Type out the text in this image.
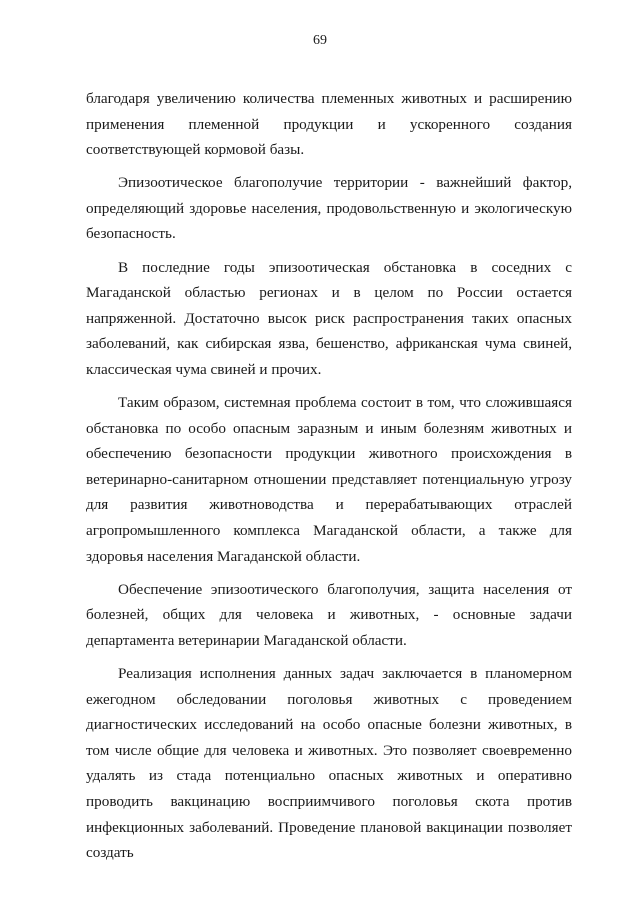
69

благодаря увеличению количества племенных животных и расширению применения племенной продукции и ускоренного создания соответствующей кормовой базы.

Эпизоотическое благополучие территории - важнейший фактор, определяющий здоровье населения, продовольственную и экологическую безопасность.

В последние годы эпизоотическая обстановка в соседних с Магаданской областью регионах и в целом по России остается напряженной. Достаточно высок риск распространения таких опасных заболеваний, как сибирская язва, бешенство, африканская чума свиней, классическая чума свиней и прочих.

Таким образом, системная проблема состоит в том, что сложившаяся обстановка по особо опасным заразным и иным болезням животных и обеспечению безопасности продукции животного происхождения в ветеринарно-санитарном отношении представляет потенциальную угрозу для развития животноводства и перерабатывающих отраслей агропромышленного комплекса Магаданской области, а также для здоровья населения Магаданской области.

Обеспечение эпизоотического благополучия, защита населения от болезней, общих для человека и животных, - основные задачи департамента ветеринарии Магаданской области.

Реализация исполнения данных задач заключается в планомерном ежегодном обследовании поголовья животных с проведением диагностических исследований на особо опасные болезни животных, в том числе общие для человека и животных. Это позволяет своевременно удалять из стада потенциально опасных животных и оперативно проводить вакцинацию восприимчивого поголовья скота против инфекционных заболеваний. Проведение плановой вакцинации позволяет создать
